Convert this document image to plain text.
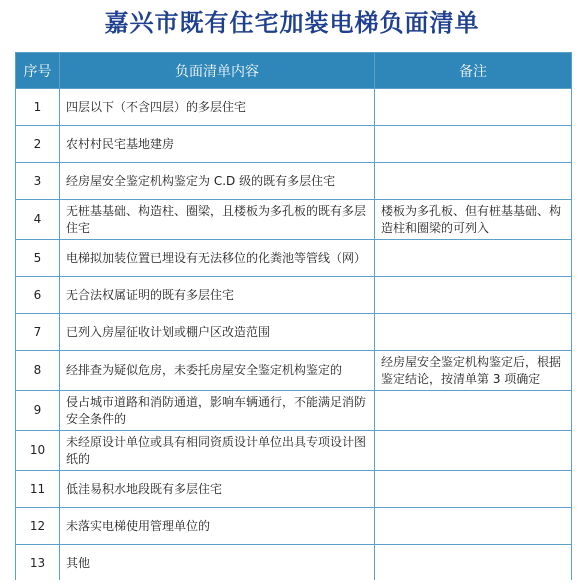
嘉兴市既有住宅加装电梯负面清单
序号	负面清单内容	备注
1	四层以下（不含四层）的多层住宅	
2	农村村民宅基地建房	
3	经房屋安全鉴定机构鉴定为 C.D 级的既有多层住宅	
4	无桩基基础、构造柱、圈梁，且楼板为多孔板的既有多层住宅	楼板为多孔板、但有桩基基础、构造柱和圈梁的可列入
5	电梯拟加装位置已埋设有无法移位的化粪池等管线（网）	
6	无合法权属证明的既有多层住宅	
7	已列入房屋征收计划或棚户区改造范围	
8	经排查为疑似危房，未委托房屋安全鉴定机构鉴定的	经房屋安全鉴定机构鉴定后，根据鉴定结论，按清单第 3 项确定
9	侵占城市道路和消防通道，影响车辆通行，不能满足消防安全条件的	
10	未经原设计单位或具有相同资质设计单位出具专项设计图纸的	
11	低洼易积水地段既有多层住宅	
12	未落实电梯使用管理单位的	
13	其他	
